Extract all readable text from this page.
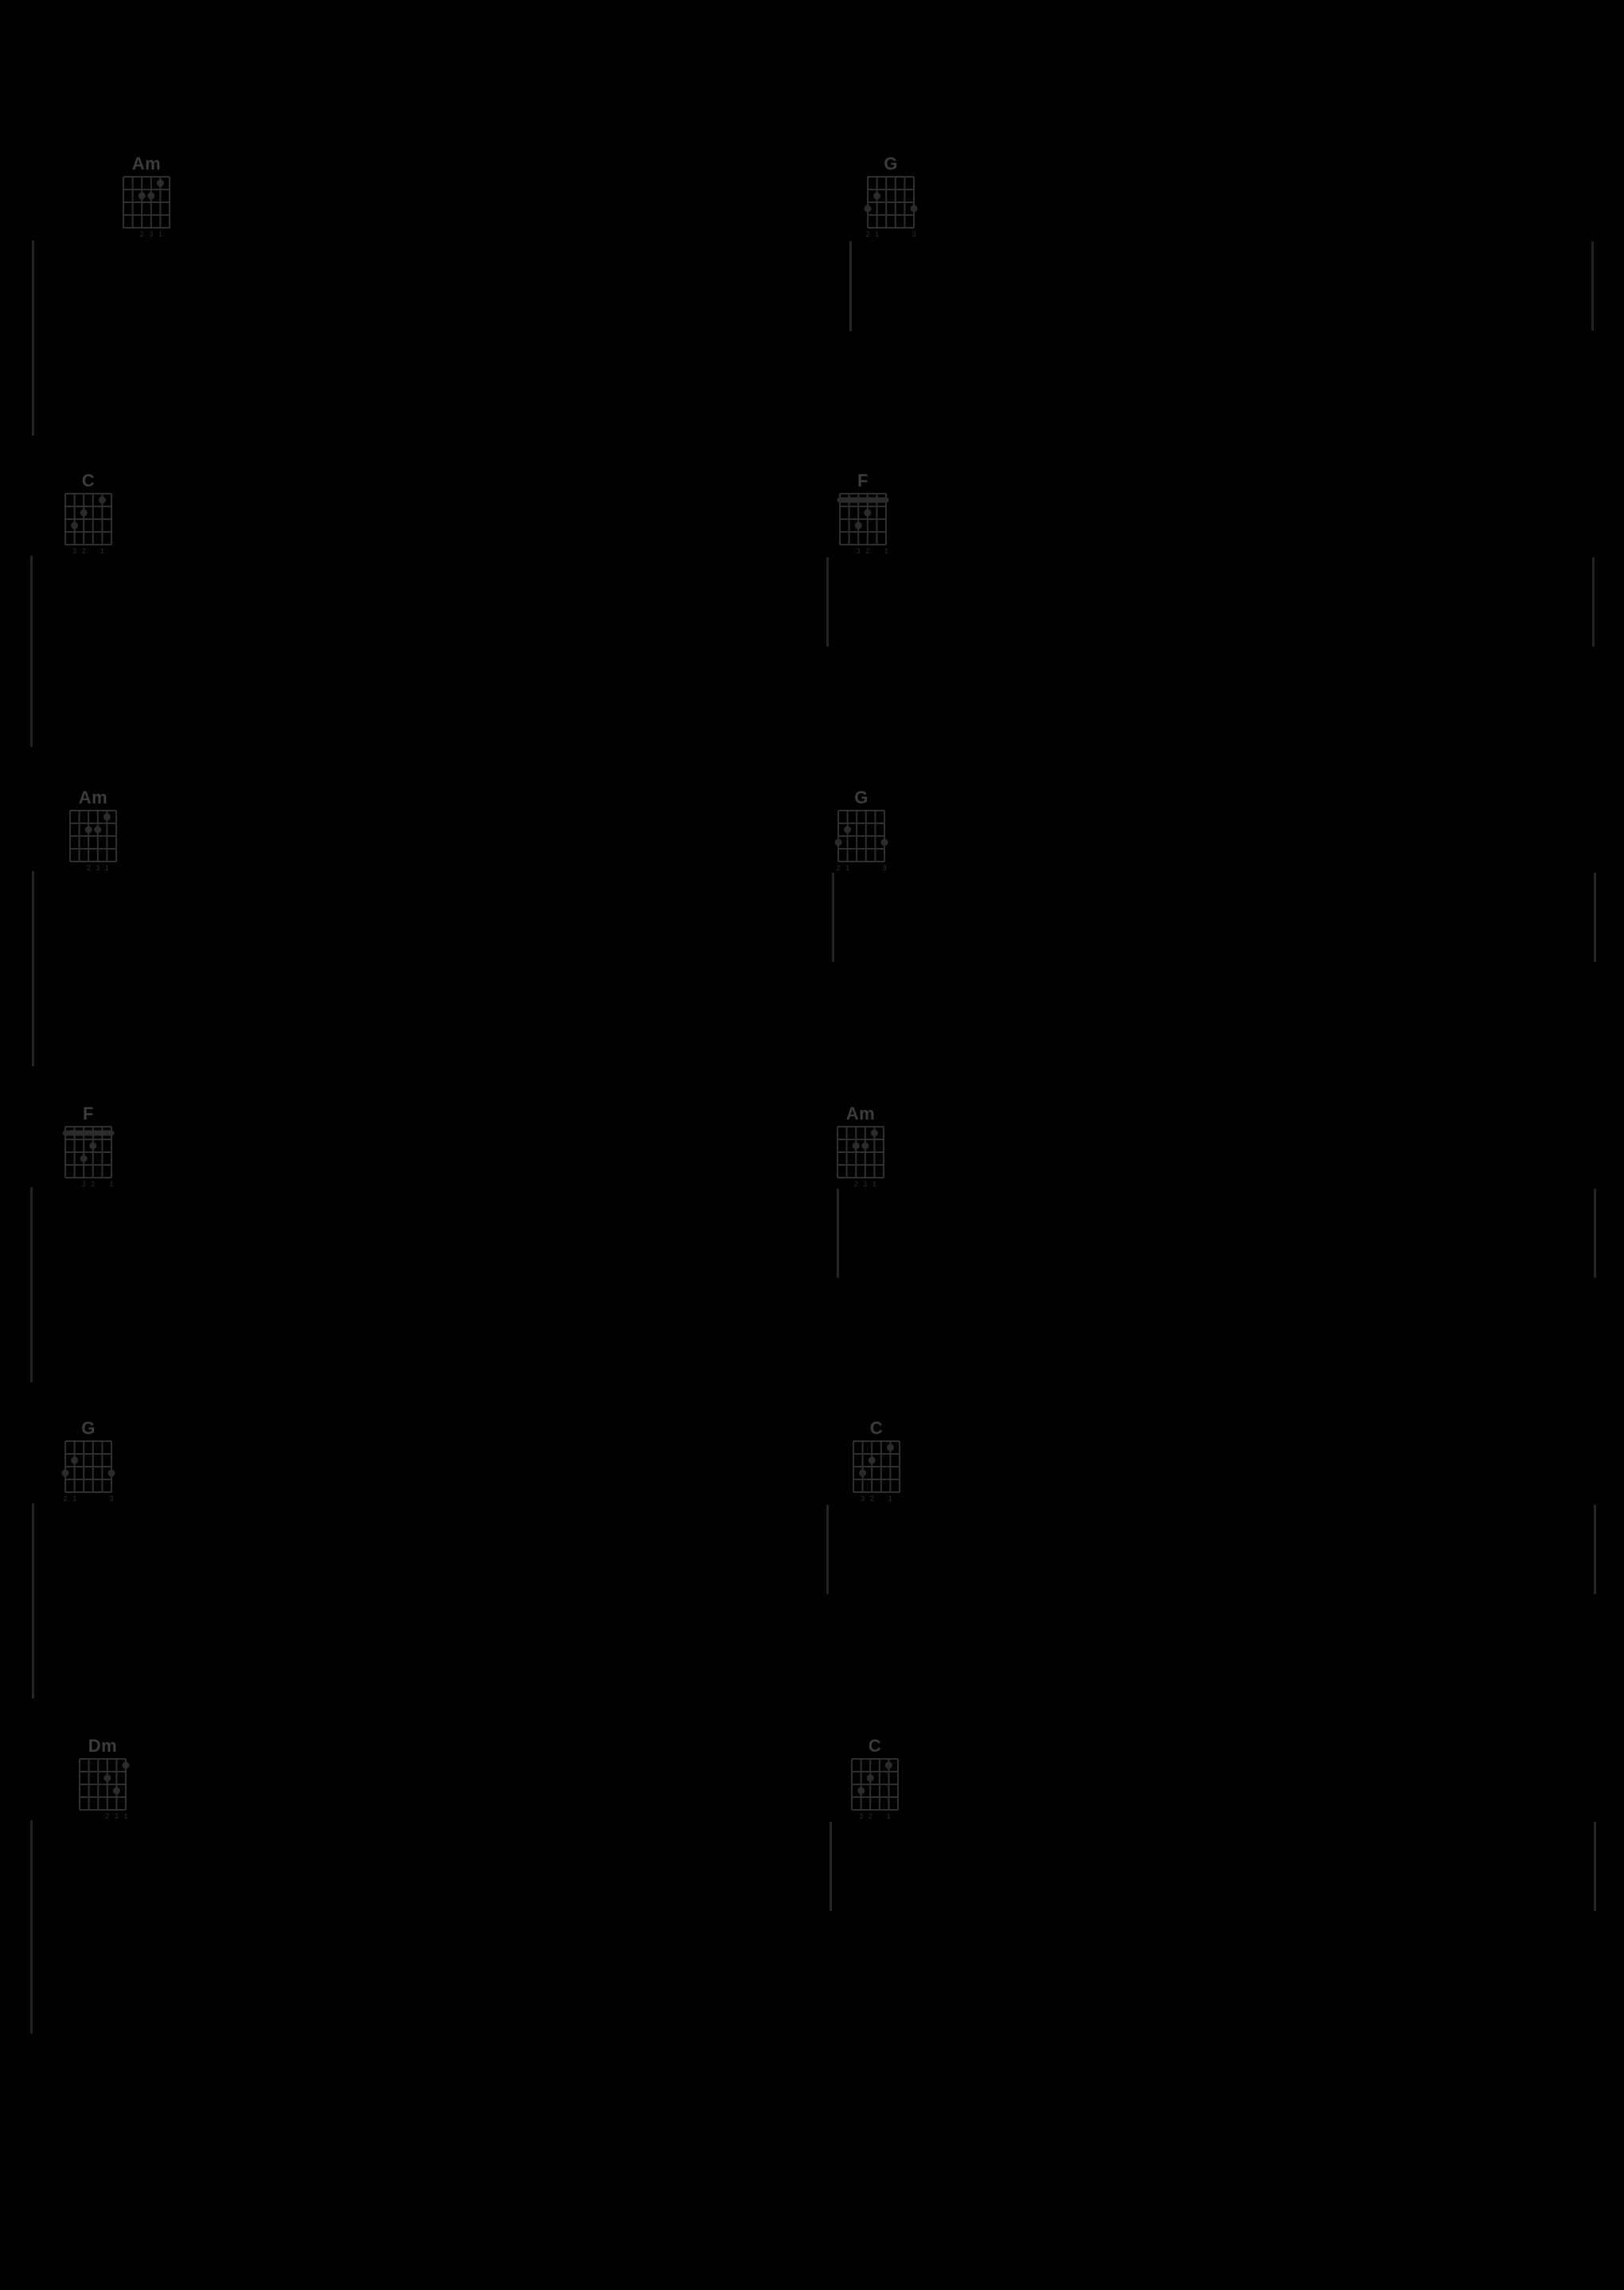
Am
2 3 1
G
2 1	3
C
3 2 1
F
3 2 1
Am
2 3 1
G
2 1	3
F
3 2 1
Am
2 3 1
G
2 1	3
C
3 2 1
Dm
2 3 1
C
3 2 1
